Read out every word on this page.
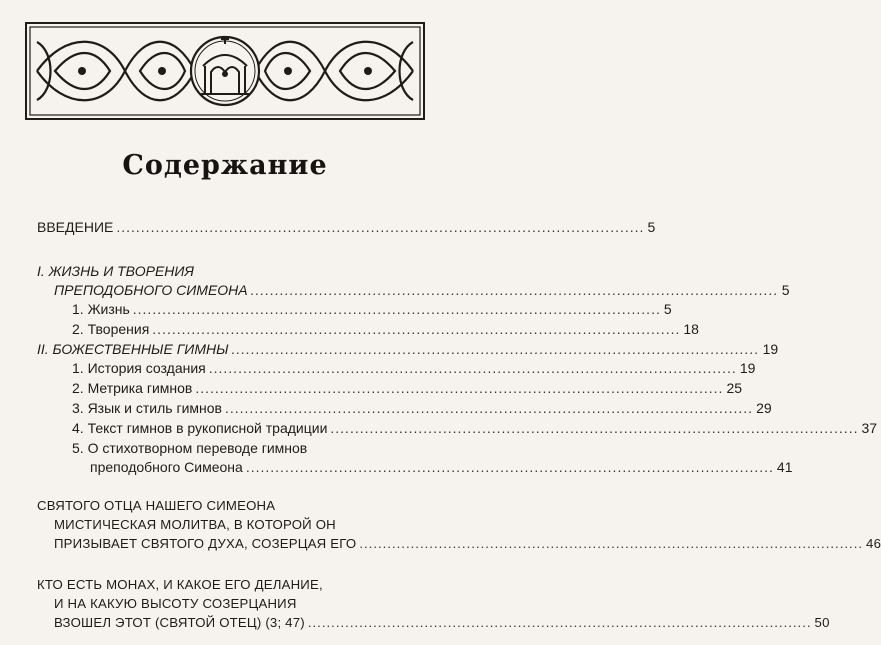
Содержание
ВВЕДЕНИЕ ............................................................................................................ 5
I. ЖИЗНЬ И ТВОРЕНИЯ
ПРЕПОДОБНОГО СИМЕОНА ............................................................................................................ 5
1. Жизнь ............................................................................................................ 5
2. Творения ............................................................................................................ 18
II. БОЖЕСТВЕННЫЕ ГИМНЫ ............................................................................................................ 19
1. История создания ............................................................................................................ 19
2. Метрика гимнов ............................................................................................................ 25
3. Язык и стиль гимнов ............................................................................................................ 29
4. Текст гимнов в рукописной традиции ............................................................................................................ 37
5. О стихотворном переводе гимнов
преподобного Симеона ............................................................................................................ 41
СВЯТОГО ОТЦА НАШЕГО СИМЕОНА
МИСТИЧЕСКАЯ МОЛИТВА, В КОТОРОЙ ОН
ПРИЗЫВАЕТ СВЯТОГО ДУХА, СОЗЕРЦАЯ ЕГО ............................................................................................................ 46
КТО ЕСТЬ МОНАХ, И КАКОЕ ЕГО ДЕЛАНИЕ,
И НА КАКУЮ ВЫСОТУ СОЗЕРЦАНИЯ
ВЗОШЕЛ ЭТОТ (СВЯТОЙ ОТЕЦ) (3; 47) ............................................................................................................ 50
